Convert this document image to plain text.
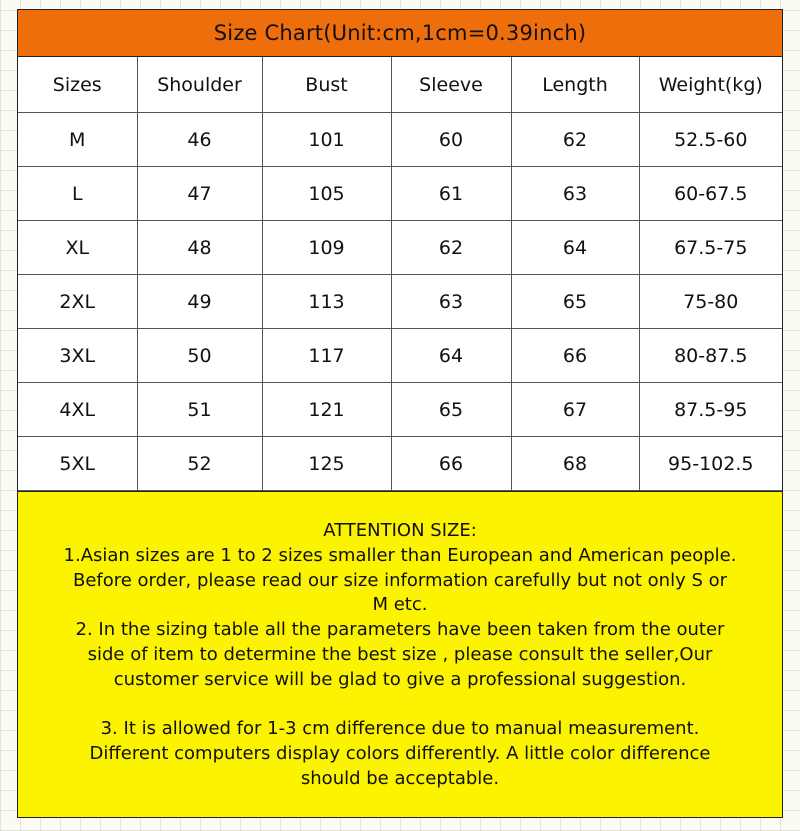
Size Chart(Unit:cm,1cm=0.39inch)
Sizes	Shoulder	Bust	Sleeve	Length	Weight(kg)
M	46	101	60	62	52.5-60
L	47	105	61	63	60-67.5
XL	48	109	62	64	67.5-75
2XL	49	113	63	65	75-80
3XL	50	117	64	66	80-87.5
4XL	51	121	65	67	87.5-95
5XL	52	125	66	68	95-102.5

ATTENTION SIZE:

1.Asian sizes are 1 to 2 sizes smaller than European and American people.

Before order, please read our size information carefully but not only S or

M etc.

2. In the sizing table all the parameters have been taken from the outer

side of item to determine the best size , please consult the seller,Our

customer service will be glad to give a professional suggestion.

3. It is allowed for 1-3 cm difference due to manual measurement.

Different computers display colors differently. A little color difference

should be acceptable.
